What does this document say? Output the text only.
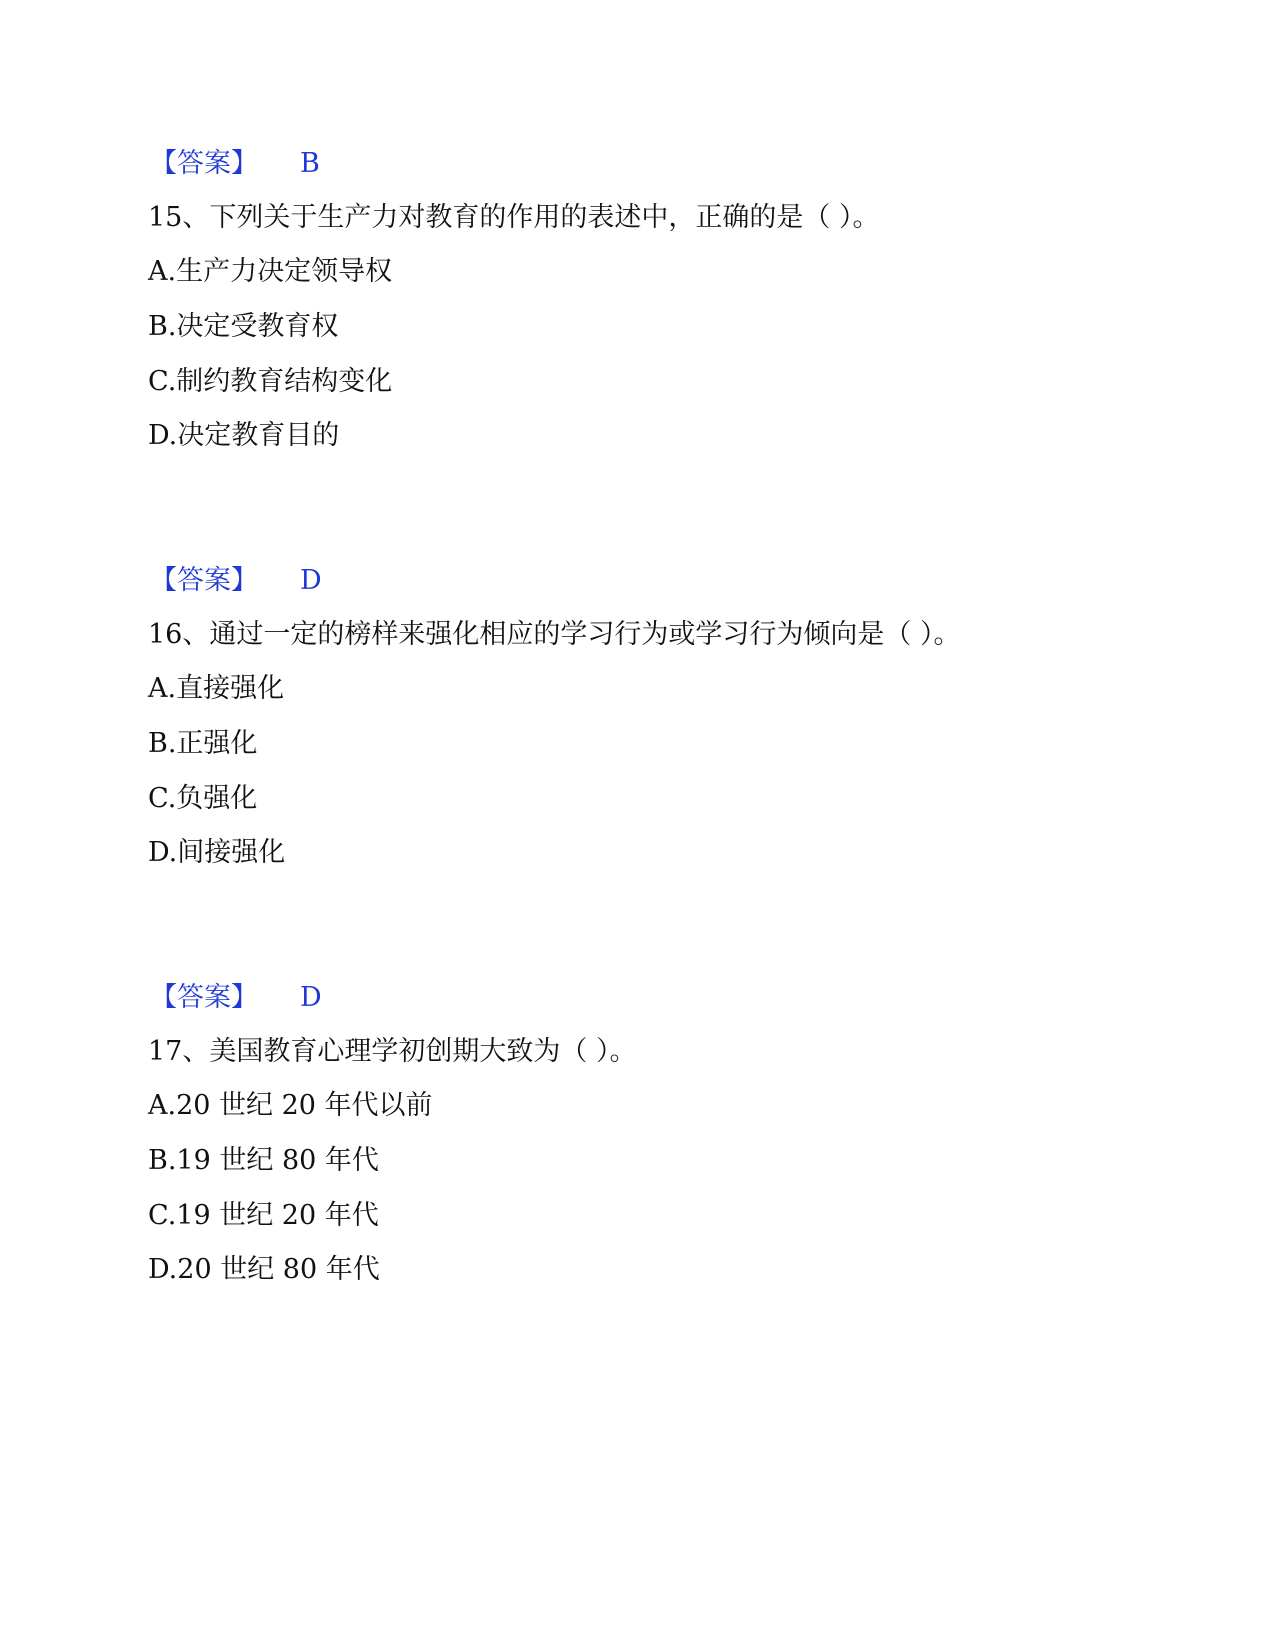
【答案】 B
15、下列关于生产力对教育的作用的表述中，正确的是（ ）。
A.生产力决定领导权
B.决定受教育权
C.制约教育结构变化
D.决定教育目的
【答案】 D
16、通过一定的榜样来强化相应的学习行为或学习行为倾向是（ ）。
A.直接强化
B.正强化
C.负强化
D.间接强化
【答案】 D
17、美国教育心理学初创期大致为（ ）。
A.20 世纪 20 年代以前
B.19 世纪 80 年代
C.19 世纪 20 年代
D.20 世纪 80 年代
